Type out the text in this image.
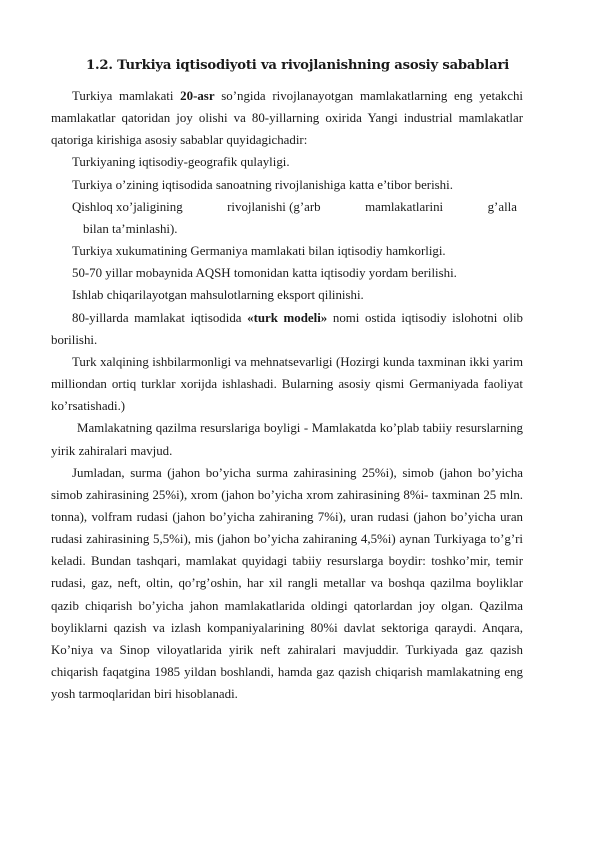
1.2. Turkiya iqtisodiyoti va rivojlanishning asosiy sabablari

Turkiya mamlakati 20-asr so’ngida rivojlanayotgan mamlakatlarning eng yetakchi mamlakatlar qatoridan joy olishi va 80-yillarning oxirida Yangi industrial mamlakatlar qatoriga kirishiga asosiy sabablar quyidagichadir:

Turkiyaning iqtisodiy-geografik qulayligi.

Turkiya o’zining iqtisodida sanoatning rivojlanishiga katta e’tibor berishi.

Qishloq xo’jaligining	rivojlanishi (g’arb	mamlakatlarini	g’alla

bilan ta’minlashi).

Turkiya xukumatining Germaniya mamlakati bilan iqtisodiy hamkorligi.

50-70 yillar mobaynida AQSH tomonidan katta iqtisodiy yordam berilishi.

Ishlab chiqarilayotgan mahsulotlarning eksport qilinishi.

80-yillarda mamlakat iqtisodida «turk modeli» nomi ostida iqtisodiy islohotni olib borilishi.

Turk xalqining ishbilarmonligi va mehnatsevarligi (Hozirgi kunda taxminan ikki yarim milliondan ortiq turklar xorijda ishlashadi. Bularning asosiy qismi Germaniyada faoliyat ko’rsatishadi.)

Mamlakatning qazilma resurslariga boyligi - Mamlakatda ko’plab tabiiy resurslarning yirik zahiralari mavjud.

Jumladan, surma (jahon bo’yicha surma zahirasining 25%i), simob (jahon bo’yicha simob zahirasining 25%i), xrom (jahon bo’yicha xrom zahirasining 8%i- taxminan 25 mln. tonna), volfram rudasi (jahon bo’yicha zahiraning 7%i), uran rudasi (jahon bo’yicha uran rudasi zahirasining 5,5%i), mis (jahon bo’yicha zahiraning 4,5%i) aynan Turkiyaga to’g’ri keladi. Bundan tashqari, mamlakat quyidagi tabiiy resurslarga boydir: toshko’mir, temir rudasi, gaz, neft, oltin, qo’rg’oshin, har xil rangli metallar va boshqa qazilma boyliklar qazib chiqarish bo’yicha jahon mamlakatlarida oldingi qatorlardan joy olgan. Qazilma boyliklarni qazish va izlash kompaniyalarining 80%i davlat sektoriga qaraydi. Anqara, Ko’niya va Sinop viloyatlarida yirik neft zahiralari mavjuddir. Turkiyada gaz qazish chiqarish faqatgina 1985 yildan boshlandi, hamda gaz qazish chiqarish mamlakatning eng yosh tarmoqlaridan biri hisoblanadi.
